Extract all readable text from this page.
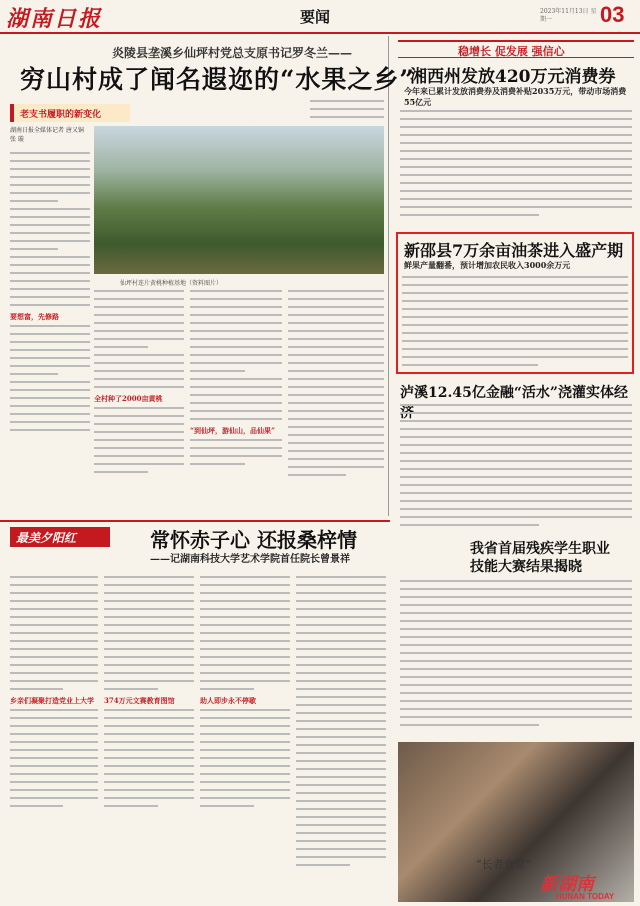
湖南日报	要闻	2023年11月13日 星期一	03
炎陵县垄溪乡仙坪村党总支原书记罗冬兰——
穷山村成了闻名遐迩的“水果之乡”
老支书履职的新变化
湖南日报全媒体记者 唐又铜 张 璇
要想富，先修路
仙坪村连片黄桃种植基地（资料图片）
全村种了2000亩黄桃
“到仙坪，游仙山，品仙果”
稳增长 促发展 强信心
湘西州发放420万元消费券
今年来已累计发放消费券及消费补贴2035万元，带动市场消费55亿元
新邵县7万余亩油茶进入盛产期
鲜果产量翻番，预计增加农民收入3000余万元
泸溪12.45亿金融“活水”浇灌实体经济
最美夕阳红	常怀赤子心 还报桑梓情
——记湖南科技大学艺术学院首任院长曾景祥
乡亲们凝聚打造党业上大学	374万元文赛教育图馆	助人即步永不停歇
我省首届残疾学生职业技能大赛结果揭晓
“长者食堂”
新湖南
HUNAN TODAY
